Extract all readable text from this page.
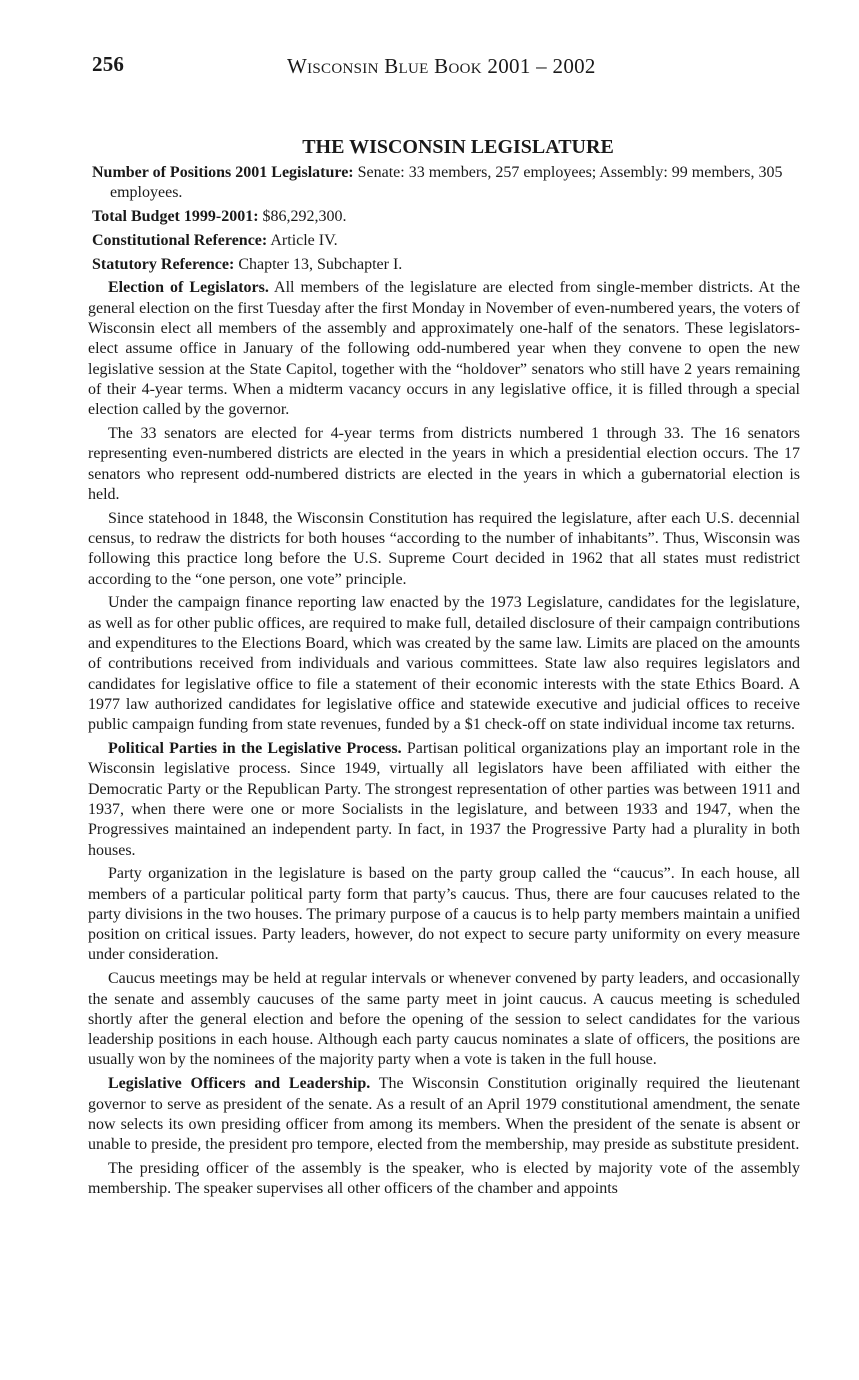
256	Wisconsin Blue Book 2001 – 2002
THE WISCONSIN LEGISLATURE
Number of Positions 2001 Legislature: Senate: 33 members, 257 employees; Assembly: 99 members, 305 employees.
Total Budget 1999-2001: $86,292,300.
Constitutional Reference: Article IV.
Statutory Reference: Chapter 13, Subchapter I.

Election of Legislators. All members of the legislature are elected from single-member districts. At the general election on the first Tuesday after the first Monday in November of even-numbered years, the voters of Wisconsin elect all members of the assembly and approximately one-half of the senators. These legislators-elect assume office in January of the following odd-numbered year when they convene to open the new legislative session at the State Capitol, together with the “holdover” senators who still have 2 years remaining of their 4-year terms. When a midterm vacancy occurs in any legislative office, it is filled through a special election called by the governor.

The 33 senators are elected for 4-year terms from districts numbered 1 through 33. The 16 senators representing even-numbered districts are elected in the years in which a presidential election occurs. The 17 senators who represent odd-numbered districts are elected in the years in which a gubernatorial election is held.

Since statehood in 1848, the Wisconsin Constitution has required the legislature, after each U.S. decennial census, to redraw the districts for both houses “according to the number of inhabitants”. Thus, Wisconsin was following this practice long before the U.S. Supreme Court decided in 1962 that all states must redistrict according to the “one person, one vote” principle.

Under the campaign finance reporting law enacted by the 1973 Legislature, candidates for the legislature, as well as for other public offices, are required to make full, detailed disclosure of their campaign contributions and expenditures to the Elections Board, which was created by the same law. Limits are placed on the amounts of contributions received from individuals and various committees. State law also requires legislators and candidates for legislative office to file a statement of their economic interests with the state Ethics Board. A 1977 law authorized candidates for legislative office and statewide executive and judicial offices to receive public campaign funding from state revenues, funded by a $1 check-off on state individual income tax returns.

Political Parties in the Legislative Process. Partisan political organizations play an important role in the Wisconsin legislative process. Since 1949, virtually all legislators have been affiliated with either the Democratic Party or the Republican Party. The strongest representation of other parties was between 1911 and 1937, when there were one or more Socialists in the legislature, and between 1933 and 1947, when the Progressives maintained an independent party. In fact, in 1937 the Progressive Party had a plurality in both houses.

Party organization in the legislature is based on the party group called the “caucus”. In each house, all members of a particular political party form that party’s caucus. Thus, there are four caucuses related to the party divisions in the two houses. The primary purpose of a caucus is to help party members maintain a unified position on critical issues. Party leaders, however, do not expect to secure party uniformity on every measure under consideration.

Caucus meetings may be held at regular intervals or whenever convened by party leaders, and occasionally the senate and assembly caucuses of the same party meet in joint caucus. A caucus meeting is scheduled shortly after the general election and before the opening of the session to select candidates for the various leadership positions in each house. Although each party caucus nominates a slate of officers, the positions are usually won by the nominees of the majority party when a vote is taken in the full house.

Legislative Officers and Leadership. The Wisconsin Constitution originally required the lieutenant governor to serve as president of the senate. As a result of an April 1979 constitutional amendment, the senate now selects its own presiding officer from among its members. When the president of the senate is absent or unable to preside, the president pro tempore, elected from the membership, may preside as substitute president.

The presiding officer of the assembly is the speaker, who is elected by majority vote of the assembly membership. The speaker supervises all other officers of the chamber and appoints
